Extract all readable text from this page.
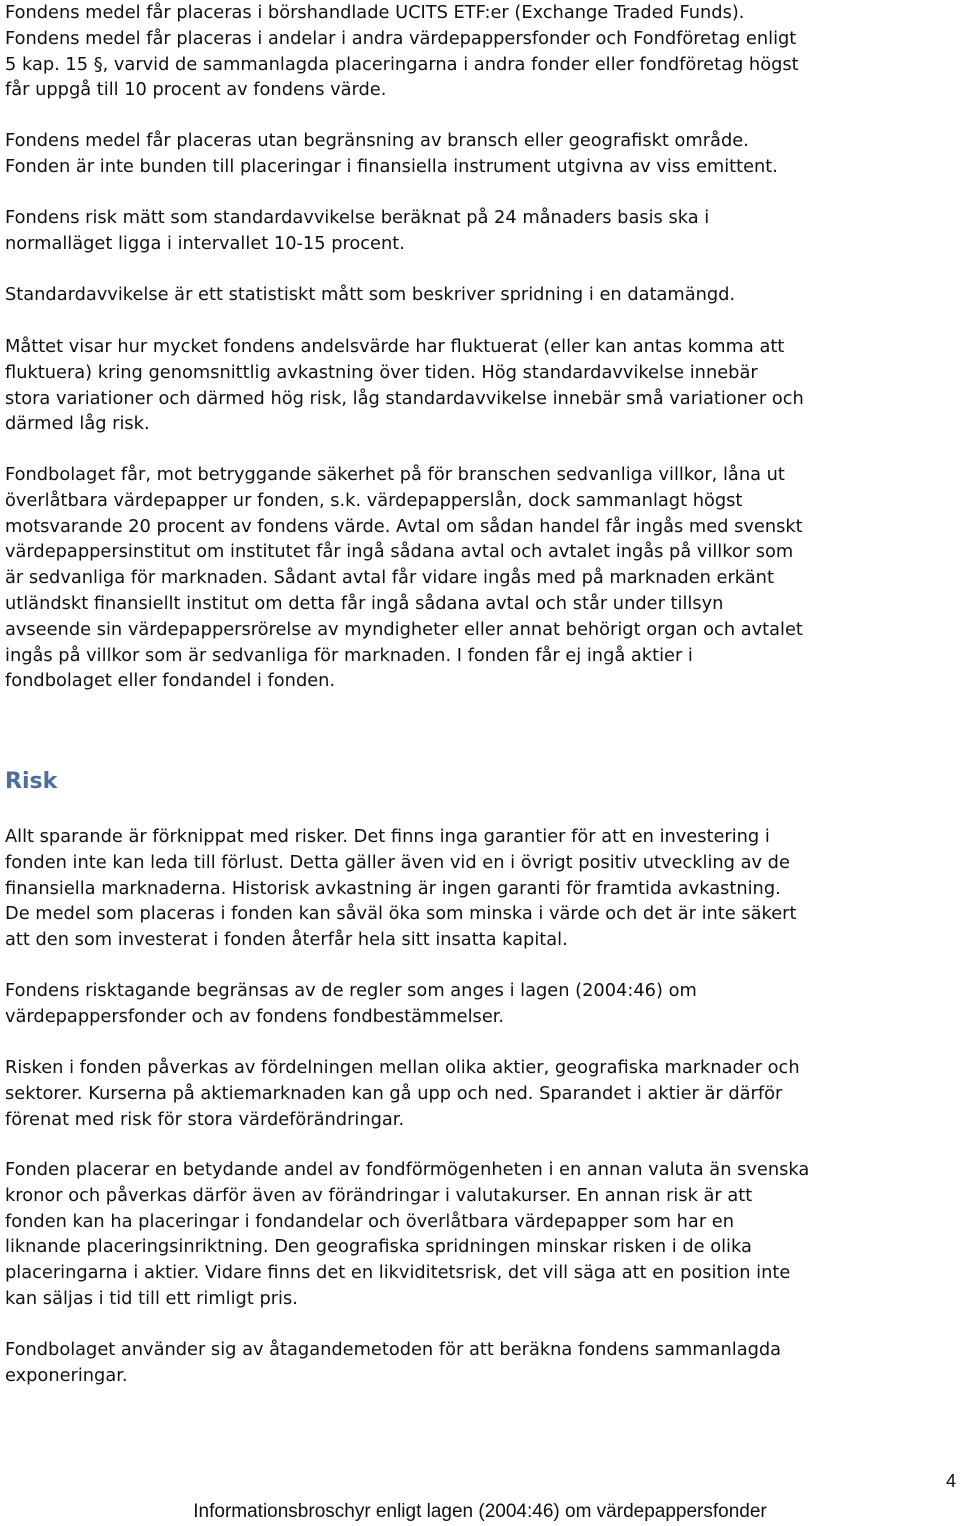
Fondens medel får placeras i börshandlade UCITS ETF:er (Exchange Traded Funds).
Fondens medel får placeras i andelar i andra värdepappersfonder och Fondföretag enligt
5 kap. 15 §, varvid de sammanlagda placeringarna i andra fonder eller fondföretag högst
får uppgå till 10 procent av fondens värde.

Fondens medel får placeras utan begränsning av bransch eller geografiskt område.
Fonden är inte bunden till placeringar i finansiella instrument utgivna av viss emittent.

Fondens risk mätt som standardavvikelse beräknat på 24 månaders basis ska i
normalläget ligga i intervallet 10-15 procent.

Standardavvikelse är ett statistiskt mått som beskriver spridning i en datamängd.

Måttet visar hur mycket fondens andelsvärde har fluktuerat (eller kan antas komma att
fluktuera) kring genomsnittlig avkastning över tiden. Hög standardavvikelse innebär
stora variationer och därmed hög risk, låg standardavvikelse innebär små variationer och
därmed låg risk.

Fondbolaget får, mot betryggande säkerhet på för branschen sedvanliga villkor, låna ut
överlåtbara värdepapper ur fonden, s.k. värdepapperslån, dock sammanlagt högst
motsvarande 20 procent av fondens värde. Avtal om sådan handel får ingås med svenskt
värdepappersinstitut om institutet får ingå sådana avtal och avtalet ingås på villkor som
är sedvanliga för marknaden. Sådant avtal får vidare ingås med på marknaden erkänt
utländskt finansiellt institut om detta får ingå sådana avtal och står under tillsyn
avseende sin värdepappersrörelse av myndigheter eller annat behörigt organ och avtalet
ingås på villkor som är sedvanliga för marknaden. I fonden får ej ingå aktier i
fondbolaget eller fondandel i fonden.

Risk

Allt sparande är förknippat med risker. Det finns inga garantier för att en investering i
fonden inte kan leda till förlust. Detta gäller även vid en i övrigt positiv utveckling av de
finansiella marknaderna. Historisk avkastning är ingen garanti för framtida avkastning.
De medel som placeras i fonden kan såväl öka som minska i värde och det är inte säkert
att den som investerat i fonden återfår hela sitt insatta kapital.

Fondens risktagande begränsas av de regler som anges i lagen (2004:46) om
värdepappersfonder och av fondens fondbestämmelser.

Risken i fonden påverkas av fördelningen mellan olika aktier, geografiska marknader och
sektorer. Kurserna på aktiemarknaden kan gå upp och ned. Sparandet i aktier är därför
förenat med risk för stora värdeförändringar.

Fonden placerar en betydande andel av fondförmögenheten i en annan valuta än svenska
kronor och påverkas därför även av förändringar i valutakurser. En annan risk är att
fonden kan ha placeringar i fondandelar och överlåtbara värdepapper som har en
liknande placeringsinriktning. Den geografiska spridningen minskar risken i de olika
placeringarna i aktier. Vidare finns det en likviditetsrisk, det vill säga att en position inte
kan säljas i tid till ett rimligt pris.

Fondbolaget använder sig av åtagandemetoden för att beräkna fondens sammanlagda
exponeringar.

4
Informationsbroschyr enligt lagen (2004:46) om värdepappersfonder
